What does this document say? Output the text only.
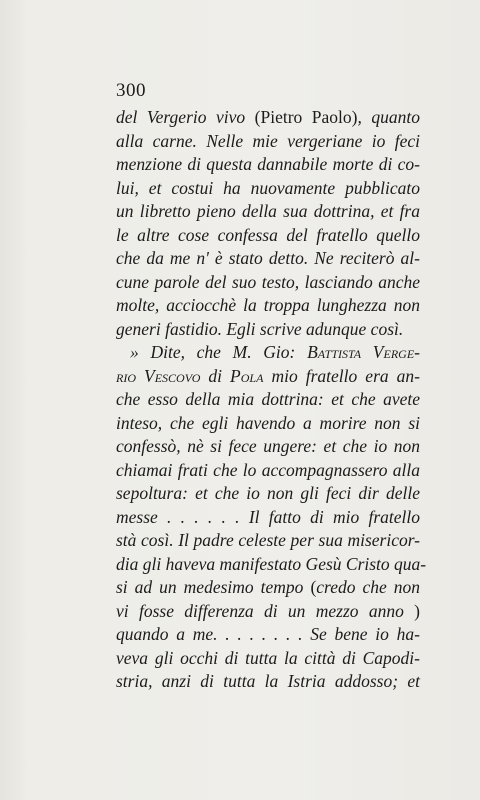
300
del Vergerio vivo (Pietro Paolo), quanto
alla carne. Nelle mie vergeriane io feci
menzione di questa dannabile morte di co-
lui, et costui ha nuovamente pubblicato
un libretto pieno della sua dottrina, et fra
le altre cose confessa del fratello quello
che da me n' è stato detto. Ne reciterò al-
cune parole del suo testo, lasciando anche
molte, acciocchè la troppa lunghezza non
generi fastidio. Egli scrive adunque così.
» Dite, che M. Gio: Battista Verge-
rio Vescovo di Pola mio fratello era an-
che esso della mia dottrina: et che avete
inteso, che egli havendo a morire non si
confessò, nè si fece ungere: et che io non
chiamai frati che lo accompagnassero alla
sepoltura: et che io non gli feci dir delle
messe . . . . . . Il fatto di mio fratello
stà così. Il padre celeste per sua misericor-
dia gli haveva manifestato Gesù Cristo qua-
si ad un medesimo tempo (credo che non
vi fosse differenza di un mezzo anno )
quando a me. . . . . . . . Se bene io ha-
veva gli occhi di tutta la città di Capodi-
stria, anzi di tutta la Istria addosso; et
